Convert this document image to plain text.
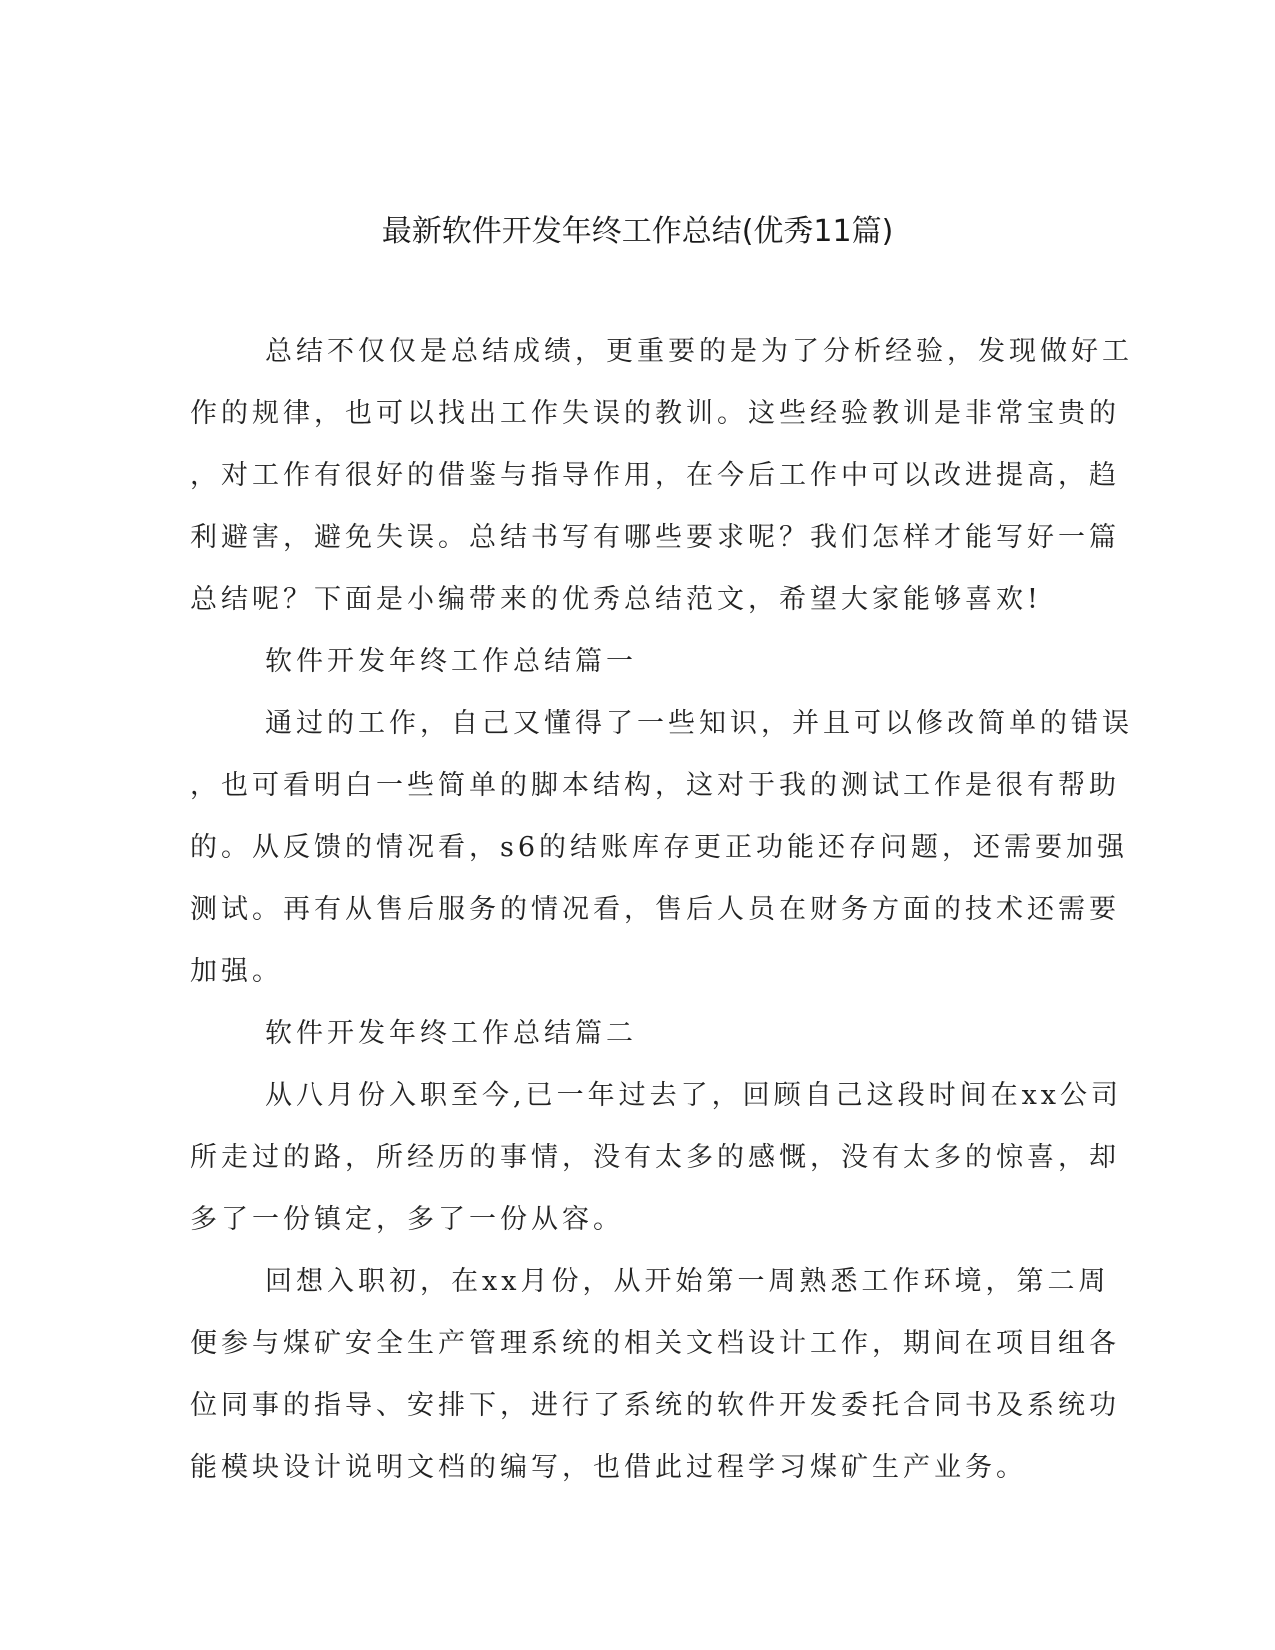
最新软件开发年终工作总结(优秀11篇)
总结不仅仅是总结成绩，更重要的是为了分析经验，发现做好工
作的规律，也可以找出工作失误的教训。这些经验教训是非常宝贵的
，对工作有很好的借鉴与指导作用，在今后工作中可以改进提高，趋
利避害，避免失误。总结书写有哪些要求呢？我们怎样才能写好一篇
总结呢？下面是小编带来的优秀总结范文，希望大家能够喜欢!
软件开发年终工作总结篇一
通过的工作，自己又懂得了一些知识，并且可以修改简单的错误
，也可看明白一些简单的脚本结构，这对于我的测试工作是很有帮助
的。从反馈的情况看，s6的结账库存更正功能还存问题，还需要加强
测试。再有从售后服务的情况看，售后人员在财务方面的技术还需要
加强。
软件开发年终工作总结篇二
从八月份入职至今,已一年过去了，回顾自己这段时间在xx公司
所走过的路，所经历的事情，没有太多的感慨，没有太多的惊喜，却
多了一份镇定，多了一份从容。
回想入职初，在xx月份，从开始第一周熟悉工作环境，第二周
便参与煤矿安全生产管理系统的相关文档设计工作，期间在项目组各
位同事的指导、安排下，进行了系统的软件开发委托合同书及系统功
能模块设计说明文档的编写，也借此过程学习煤矿生产业务。
